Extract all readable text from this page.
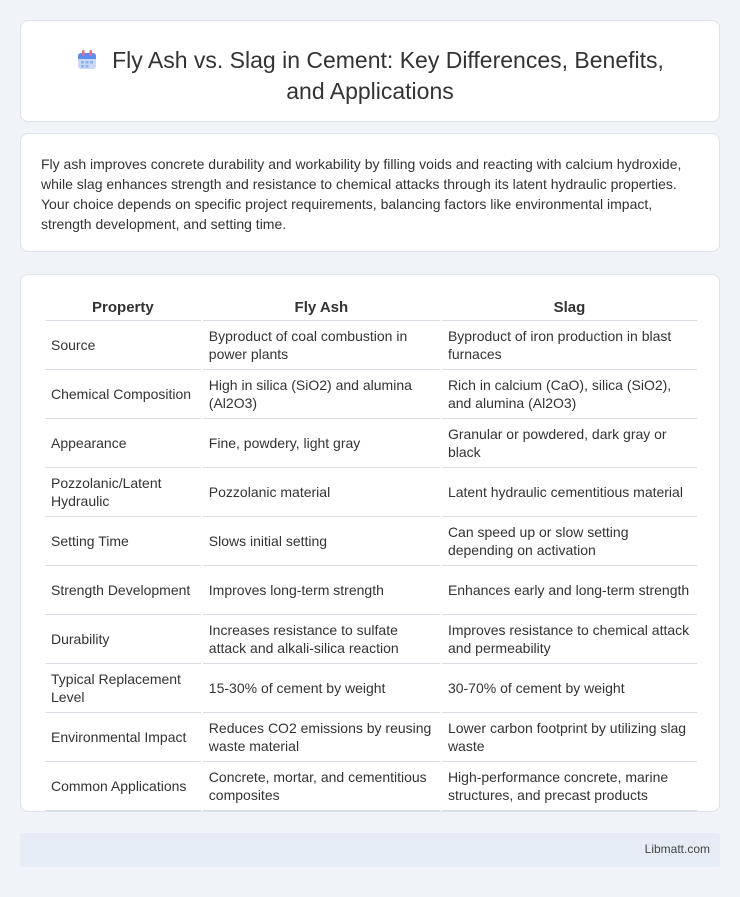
Fly Ash vs. Slag in Cement: Key Differences, Benefits,
and Applications

Fly ash improves concrete durability and workability by filling voids and reacting with calcium hydroxide, while slag enhances strength and resistance to chemical attacks through its latent hydraulic properties. Your choice depends on specific project requirements, balancing factors like environmental impact, strength development, and setting time.

Property	Fly Ash	Slag
Source	Byproduct of coal combustion in power plants	Byproduct of iron production in blast furnaces
Chemical Composition	High in silica (SiO2) and alumina (Al2O3)	Rich in calcium (CaO), silica (SiO2), and alumina (Al2O3)
Appearance	Fine, powdery, light gray	Granular or powdered, dark gray or black
Pozzolanic/Latent Hydraulic	Pozzolanic material	Latent hydraulic cementitious material
Setting Time	Slows initial setting	Can speed up or slow setting depending on activation
Strength Development	Improves long-term strength	Enhances early and long-term strength
Durability	Increases resistance to sulfate attack and alkali-silica reaction	Improves resistance to chemical attack and permeability
Typical Replacement Level	15-30% of cement by weight	30-70% of cement by weight
Environmental Impact	Reduces CO2 emissions by reusing waste material	Lower carbon footprint by utilizing slag waste
Common Applications	Concrete, mortar, and cementitious composites	High-performance concrete, marine structures, and precast products
Libmatt.com
